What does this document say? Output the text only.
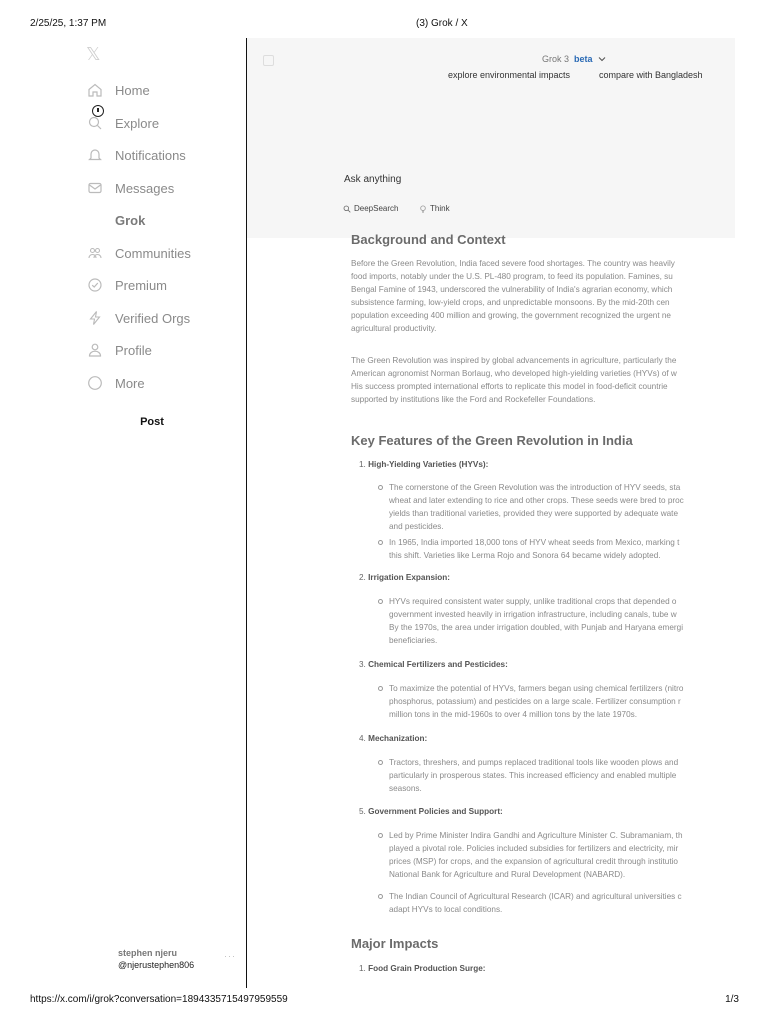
2/25/25, 1:37 PM	(3) Grok / X
https://x.com/i/grok?conversation=1894335715497959559	1/3
𝕏
Home
Explore
Notifications
Messages
Grok
Communities
Premium
Verified Orgs
Profile
More
Post
stephen njeru
@njerustephen806
···
Grok 3 beta
explore environmental impacts	compare with Bangladesh
Ask anything
DeepSearch	Think
Background and Context
Before the Green Revolution, India faced severe food shortages. The country was heavily
food imports, notably under the U.S. PL-480 program, to feed its population. Famines, su
Bengal Famine of 1943, underscored the vulnerability of India's agrarian economy, which
subsistence farming, low-yield crops, and unpredictable monsoons. By the mid-20th cen
population exceeding 400 million and growing, the government recognized the urgent ne
agricultural productivity.
The Green Revolution was inspired by global advancements in agriculture, particularly the
American agronomist Norman Borlaug, who developed high-yielding varieties (HYVs) of w
His success prompted international efforts to replicate this model in food-deficit countrie
supported by institutions like the Ford and Rockefeller Foundations.
Key Features of the Green Revolution in India
1. High-Yielding Varieties (HYVs):
The cornerstone of the Green Revolution was the introduction of HYV seeds, sta
wheat and later extending to rice and other crops. These seeds were bred to proc
yields than traditional varieties, provided they were supported by adequate wate
and pesticides.
In 1965, India imported 18,000 tons of HYV wheat seeds from Mexico, marking t
this shift. Varieties like Lerma Rojo and Sonora 64 became widely adopted.
2. Irrigation Expansion:
HYVs required consistent water supply, unlike traditional crops that depended o
government invested heavily in irrigation infrastructure, including canals, tube w
By the 1970s, the area under irrigation doubled, with Punjab and Haryana emergi
beneficiaries.
3. Chemical Fertilizers and Pesticides:
To maximize the potential of HYVs, farmers began using chemical fertilizers (nitro
phosphorus, potassium) and pesticides on a large scale. Fertilizer consumption r
million tons in the mid-1960s to over 4 million tons by the late 1970s.
4. Mechanization:
Tractors, threshers, and pumps replaced traditional tools like wooden plows and
particularly in prosperous states. This increased efficiency and enabled multiple
seasons.
5. Government Policies and Support:
Led by Prime Minister Indira Gandhi and Agriculture Minister C. Subramaniam, th
played a pivotal role. Policies included subsidies for fertilizers and electricity, mir
prices (MSP) for crops, and the expansion of agricultural credit through institutio
National Bank for Agriculture and Rural Development (NABARD).
The Indian Council of Agricultural Research (ICAR) and agricultural universities c
adapt HYVs to local conditions.
Major Impacts
1. Food Grain Production Surge:
